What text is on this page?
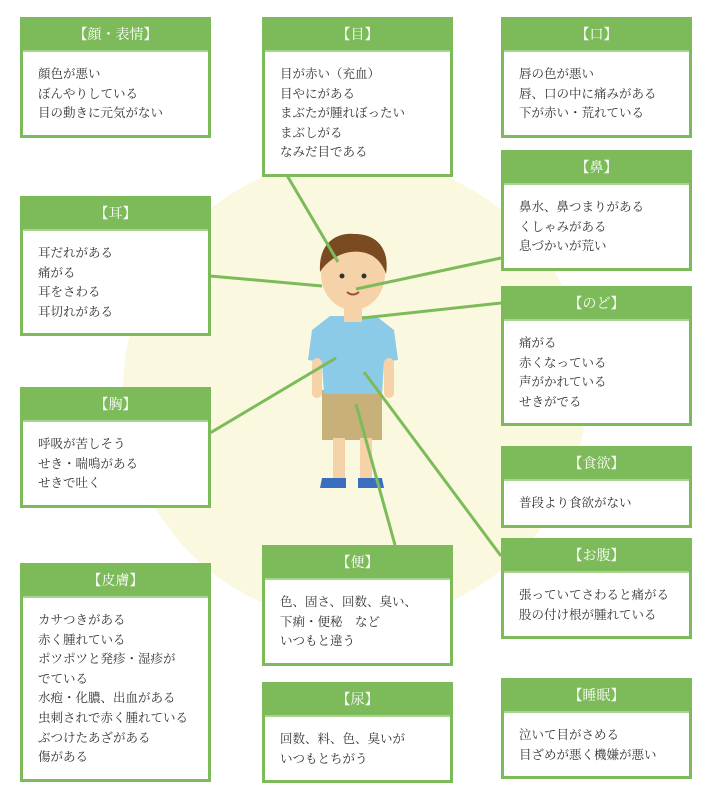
【顔・表情】
顔色が悪い
ぼんやりしている
目の動きに元気がない
【目】
目が赤い（充血）
目やにがある
まぶたが腫れぼったい
まぶしがる
なみだ目である
【口】
唇の色が悪い
唇、口の中に痛みがある
下が赤い・荒れている
【鼻】
鼻水、鼻つまりがある
くしゃみがある
息づかいが荒い
【耳】
耳だれがある
痛がる
耳をさわる
耳切れがある	【のど】
痛がる
赤くなっている
声がかれている
せきがでる
【胸】
呼吸が苦しそう
せき・喘鳴がある
せきで吐く
【食欲】
普段より食欲がない
【お腹】
張っていてさわると痛がる
股の付け根が腫れている
【皮膚】
カサつきがある
赤く腫れている
ポツポツと発疹・湿疹が
でている
水疱・化膿、出血がある
虫刺されで赤く腫れている
ぶつけたあざがある
傷がある
【便】
色、固さ、回数、臭い、
下痢・便秘　など
いつもと違う
【尿】
回数、料、色、臭いが
いつもとちがう
【睡眠】
泣いて目がさめる
目ざめが悪く機嫌が悪い
